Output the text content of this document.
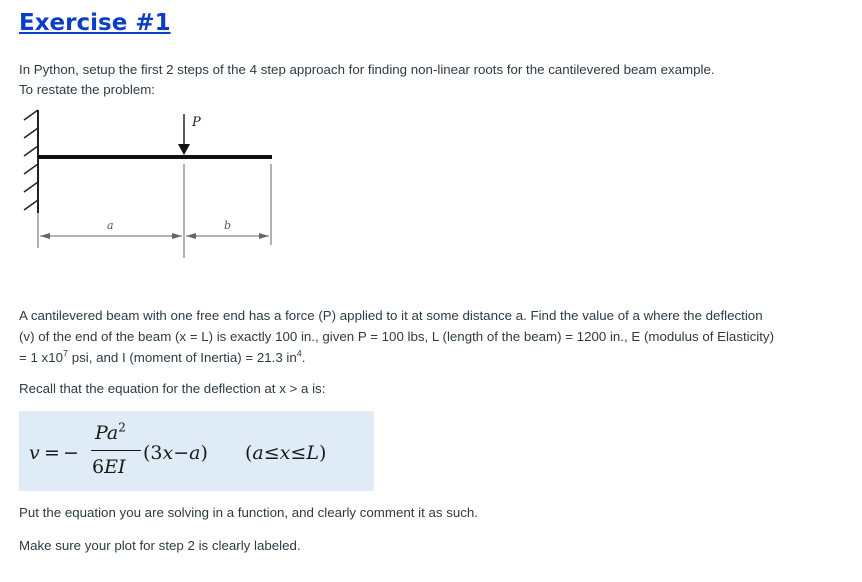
Exercise #1

In Python, setup the first 2 steps of the 4 step approach for finding non-linear roots for the cantilevered beam example.

To restate the problem:

P
a	b

A cantilevered beam with one free end has a force (P) applied to it at some distance a. Find the value of a where the deflection (v) of the end of the beam (x = L) is exactly 100 in., given P = 100 lbs, L (length of the beam) = 1200 in., E (modulus of Elasticity) = 1 $x10^7$ psi, and I (moment of Inertia) = 21.3 $in^4$.

Recall that the equation for the deflection at x > a is:

v = −
$Pa^2$
6EI
(3x−a) (a≤x≤L)

Put the equation you are solving in a function, and clearly comment it as such.

Make sure your plot for step 2 is clearly labeled.
